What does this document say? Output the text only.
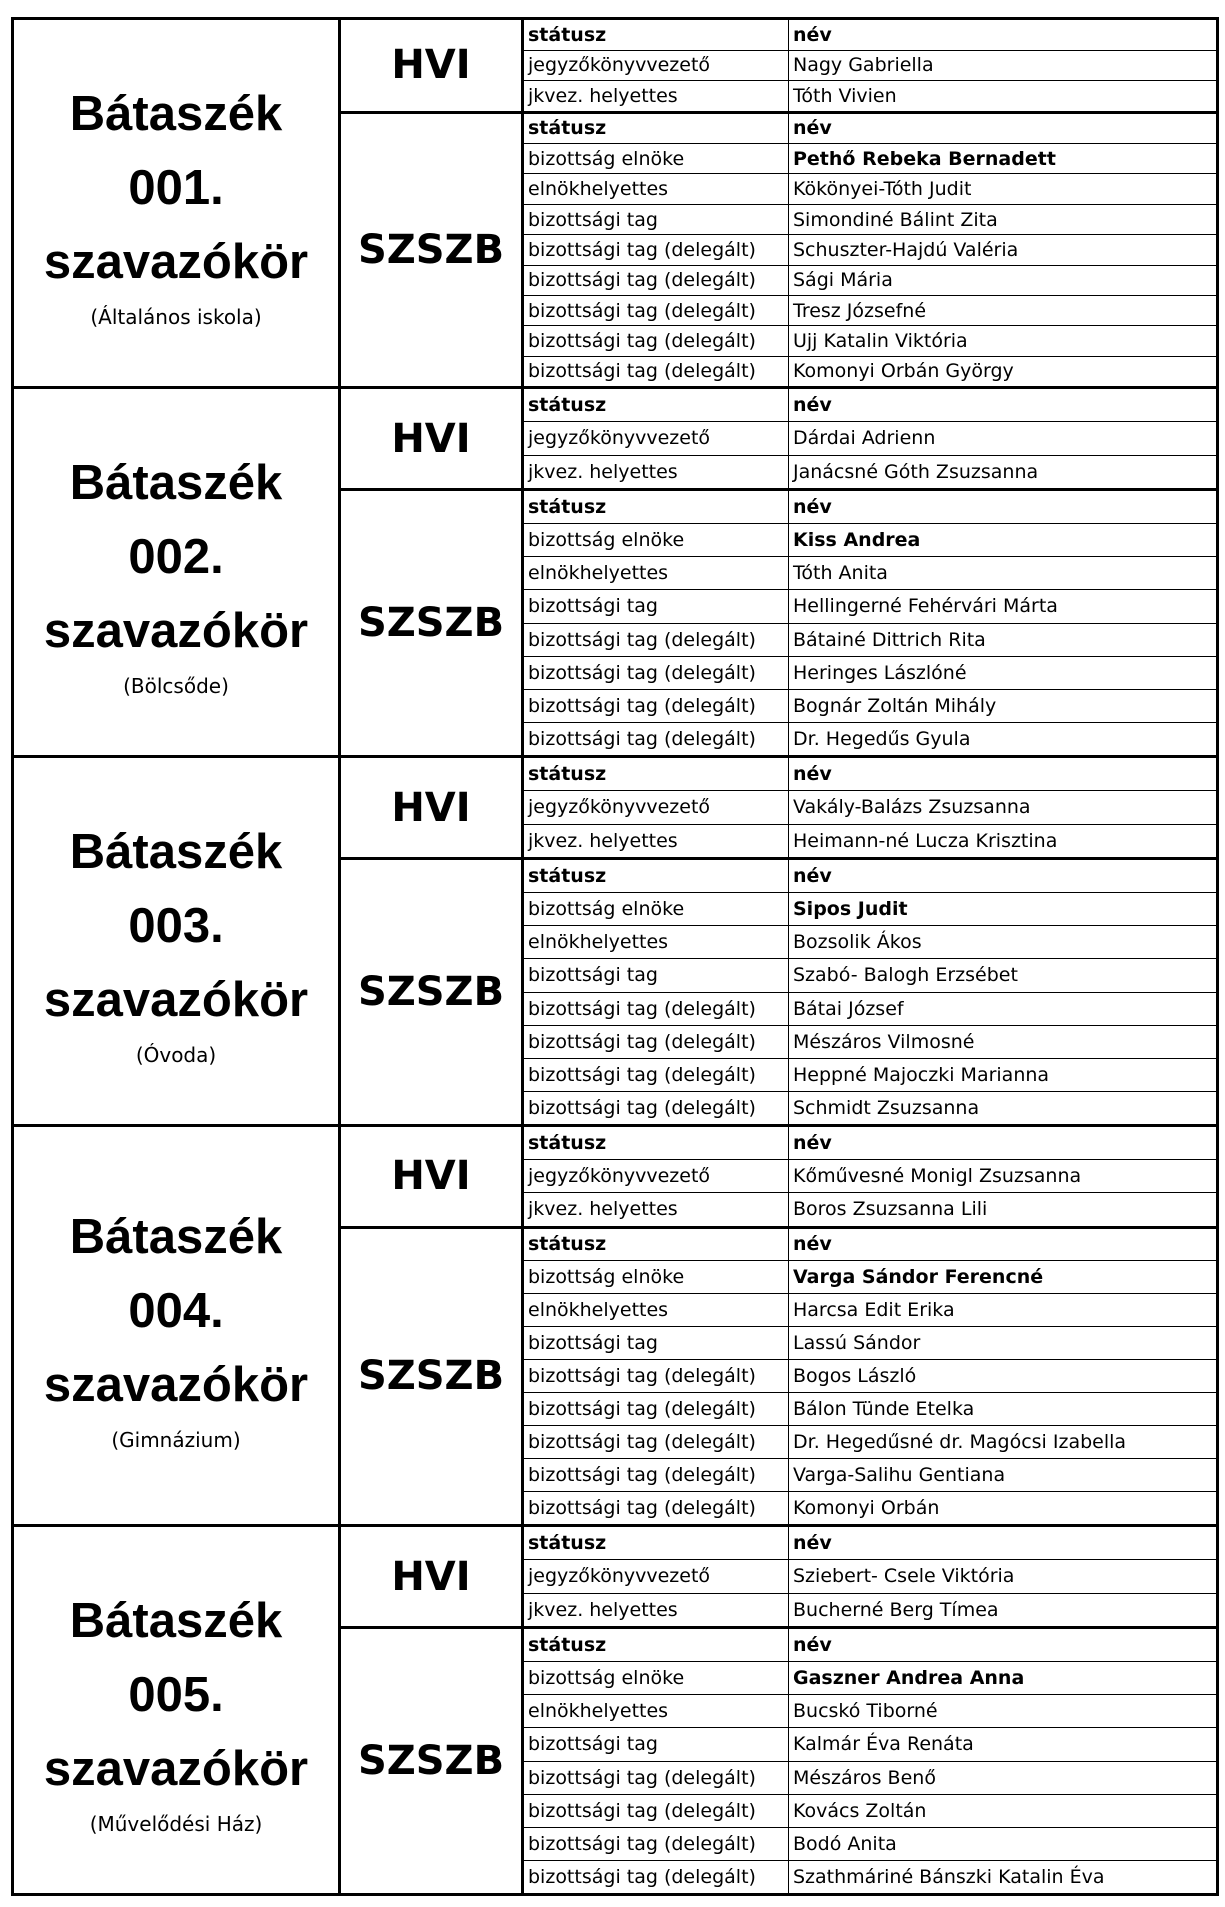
Bátaszék
001.
szavazókör
(Általános iskola)
HVI
státusz	név
jegyzőkönyvvezető	Nagy Gabriella
jkvez. helyettes	Tóth Vivien
SZSZB
státusz	név
bizottság elnöke	Pethő Rebeka Bernadett
elnökhelyettes	Kökönyei-Tóth Judit
bizottsági tag	Simondiné Bálint Zita
bizottsági tag (delegált)	Schuszter-Hajdú Valéria
bizottsági tag (delegált)	Sági Mária
bizottsági tag (delegált)	Tresz Józsefné
bizottsági tag (delegált)	Ujj Katalin Viktória
bizottsági tag (delegált)	Komonyi Orbán György
Bátaszék
002.
szavazókör
(Bölcsőde)
HVI
státusz	név
jegyzőkönyvvezető	Dárdai Adrienn
jkvez. helyettes	Janácsné Góth Zsuzsanna
SZSZB
státusz	név
bizottság elnöke	Kiss Andrea
elnökhelyettes	Tóth Anita
bizottsági tag	Hellingerné Fehérvári Márta
bizottsági tag (delegált)	Bátainé Dittrich Rita
bizottsági tag (delegált)	Heringes Lászlóné
bizottsági tag (delegált)	Bognár Zoltán Mihály
bizottsági tag (delegált)	Dr. Hegedűs Gyula
Bátaszék
003.
szavazókör
(Óvoda)
HVI
státusz	név
jegyzőkönyvvezető	Vakály-Balázs Zsuzsanna
jkvez. helyettes	Heimann-né Lucza Krisztina
SZSZB
státusz	név
bizottság elnöke	Sipos Judit
elnökhelyettes	Bozsolik Ákos
bizottsági tag	Szabó- Balogh Erzsébet
bizottsági tag (delegált)	Bátai József
bizottsági tag (delegált)	Mészáros Vilmosné
bizottsági tag (delegált)	Heppné Majoczki Marianna
bizottsági tag (delegált)	Schmidt Zsuzsanna
Bátaszék
004.
szavazókör
(Gimnázium)
HVI
státusz	név
jegyzőkönyvvezető	Kőművesné Monigl Zsuzsanna
jkvez. helyettes	Boros Zsuzsanna Lili
SZSZB
státusz	név
bizottság elnöke	Varga Sándor Ferencné
elnökhelyettes	Harcsa Edit Erika
bizottsági tag	Lassú Sándor
bizottsági tag (delegált)	Bogos László
bizottsági tag (delegált)	Bálon Tünde Etelka
bizottsági tag (delegált)	Dr. Hegedűsné dr. Magócsi Izabella
bizottsági tag (delegált)	Varga-Salihu Gentiana
bizottsági tag (delegált)	Komonyi Orbán
Bátaszék
005.
szavazókör
(Művelődési Ház)
HVI
státusz	név
jegyzőkönyvvezető	Sziebert- Csele Viktória
jkvez. helyettes	Bucherné Berg Tímea
SZSZB
státusz	név
bizottság elnöke	Gaszner Andrea Anna
elnökhelyettes	Bucskó Tiborné
bizottsági tag	Kalmár Éva Renáta
bizottsági tag (delegált)	Mészáros Benő
bizottsági tag (delegált)	Kovács Zoltán
bizottsági tag (delegált)	Bodó Anita
bizottsági tag (delegált)	Szathmáriné Bánszki Katalin Éva
